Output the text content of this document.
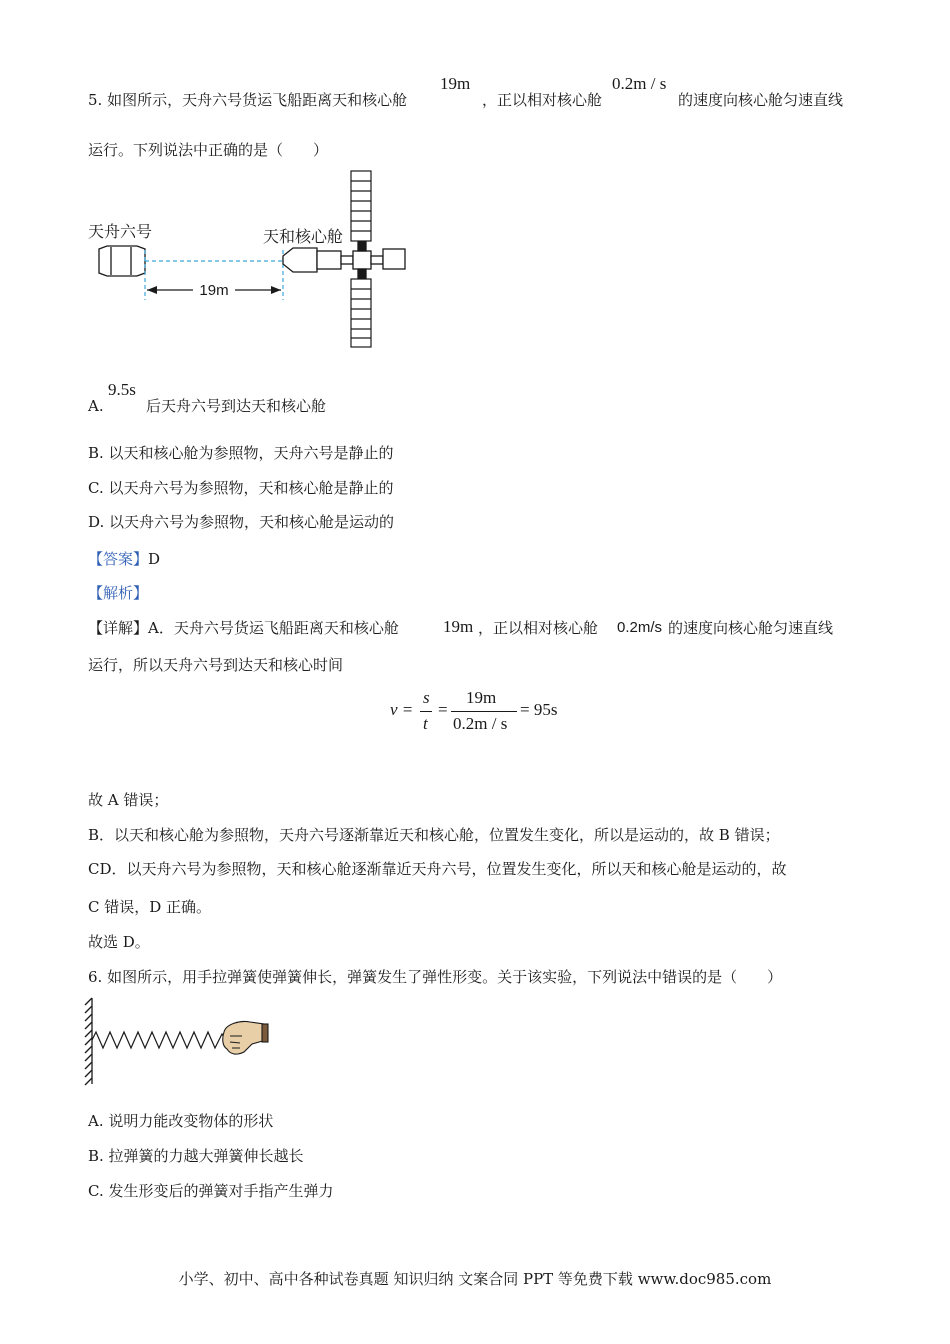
5. 如图所示，天舟六号货运飞船距离天和核心舱
19m
，正以相对核心舱
0.2m / s
的速度向核心舱匀速直线
运行。下列说法中正确的是（　　）
天舟六号
19m
天和核心舱
A.
9.5s
后天舟六号到达天和核心舱
B. 以天和核心舱为参照物，天舟六号是静止的
C. 以天舟六号为参照物，天和核心舱是静止的
D. 以天舟六号为参照物，天和核心舱是运动的
【答案】D
【解析】
【详解】A．天舟六号货运飞船距离天和核心舱	19m ，正以相对核心舱 0.2m/s 的速度向核心舱匀速直线
运行，所以天舟六号到达天和核心时间
v =
s
t
=
19m
0.2m / s
= 95s
故 A 错误；
B．以天和核心舱为参照物，天舟六号逐渐靠近天和核心舱，位置发生变化，所以是运动的，故 B 错误；
CD．以天舟六号为参照物，天和核心舱逐渐靠近天舟六号，位置发生变化，所以天和核心舱是运动的，故
C 错误，D 正确。
故选 D。
6. 如图所示，用手拉弹簧使弹簧伸长，弹簧发生了弹性形变。关于该实验，下列说法中错误的是（　　）
A. 说明力能改变物体的形状
B. 拉弹簧的力越大弹簧伸长越长
C. 发生形变后的弹簧对手指产生弹力
小学、初中、高中各种试卷真题 知识归纳 文案合同 PPT 等免费下载 www.doc985.com
